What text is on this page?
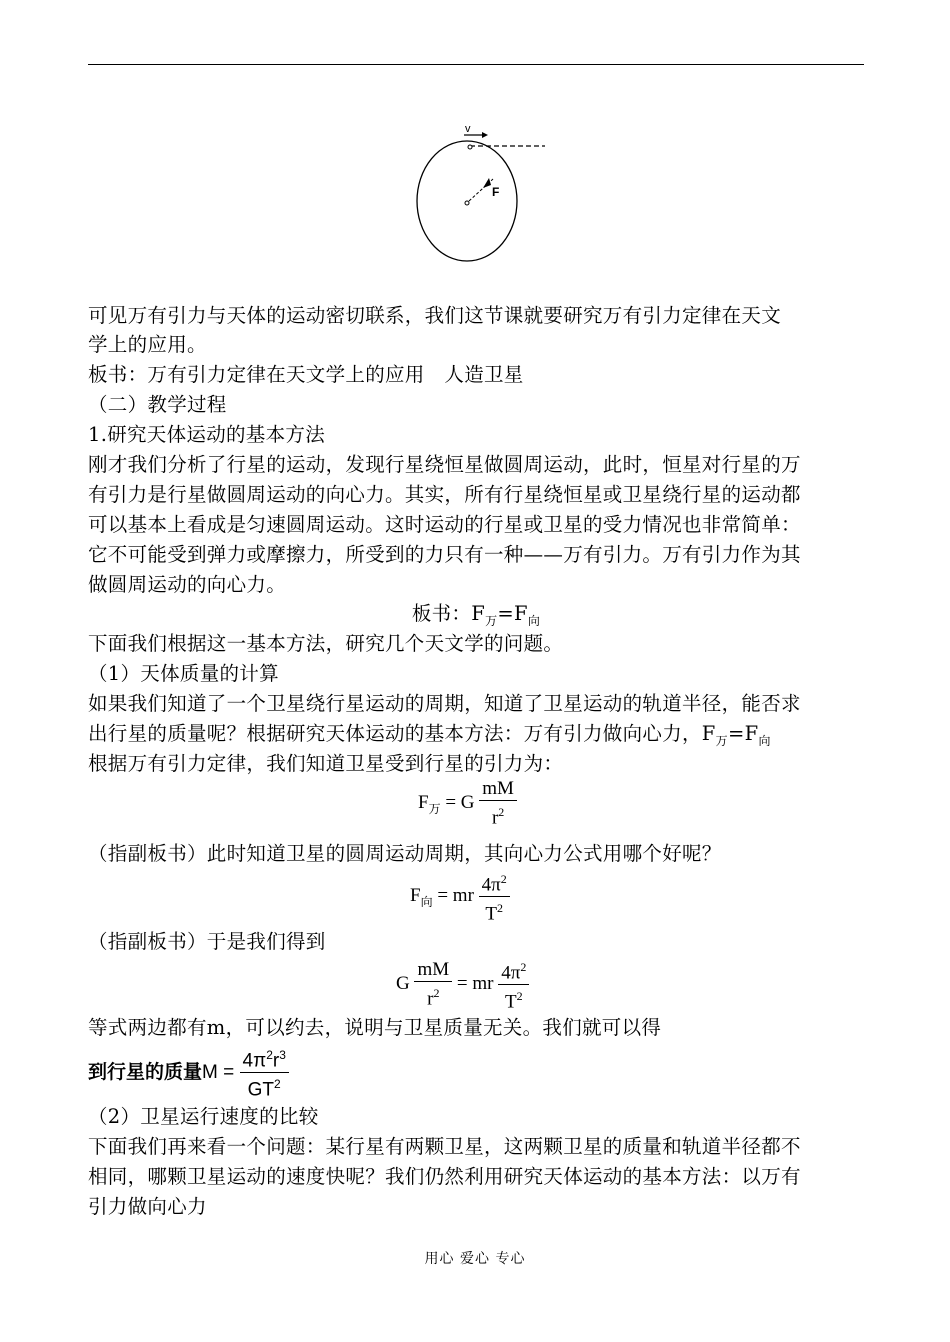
v
F
可见万有引力与天体的运动密切联系，我们这节课就要研究万有引力定律在天文
学上的应用。
板书：万有引力定律在天文学上的应用　人造卫星
（二）教学过程
1.研究天体运动的基本方法
刚才我们分析了行星的运动，发现行星绕恒星做圆周运动，此时，恒星对行星的万
有引力是行星做圆周运动的向心力。其实，所有行星绕恒星或卫星绕行星的运动都
可以基本上看成是匀速圆周运动。这时运动的行星或卫星的受力情况也非常简单：
它不可能受到弹力或摩擦力，所受到的力只有一种——万有引力。万有引力作为其
做圆周运动的向心力。
板书：$F_万=F_向$
下面我们根据这一基本方法，研究几个天文学的问题。
（1）天体质量的计算
如果我们知道了一个卫星绕行星运动的周期，知道了卫星运动的轨道半径，能否求
出行星的质量呢？根据研究天体运动的基本方法：万有引力做向心力，$F_万=F_向$
根据万有引力定律，我们知道卫星受到行星的引力为：
$F_万 = G \frac{mM}{r^2}$
（指副板书）此时知道卫星的圆周运动周期，其向心力公式用哪个好呢？
$F_向$ = mr $\frac{4\pi^2}{T^2}$
（指副板书）于是我们得到
G $\frac{mM}{r^2}$ = mr $\frac{4\pi^2}{T^2}$
等式两边都有m，可以约去，说明与卫星质量无关。我们就可以得
到行星的质量$M = \frac{4\pi^2r^3}{GT^2}$
（2）卫星运行速度的比较
下面我们再来看一个问题：某行星有两颗卫星，这两颗卫星的质量和轨道半径都不
相同，哪颗卫星运动的速度快呢？我们仍然利用研究天体运动的基本方法：以万有
引力做向心力
用心 爱心 专心
